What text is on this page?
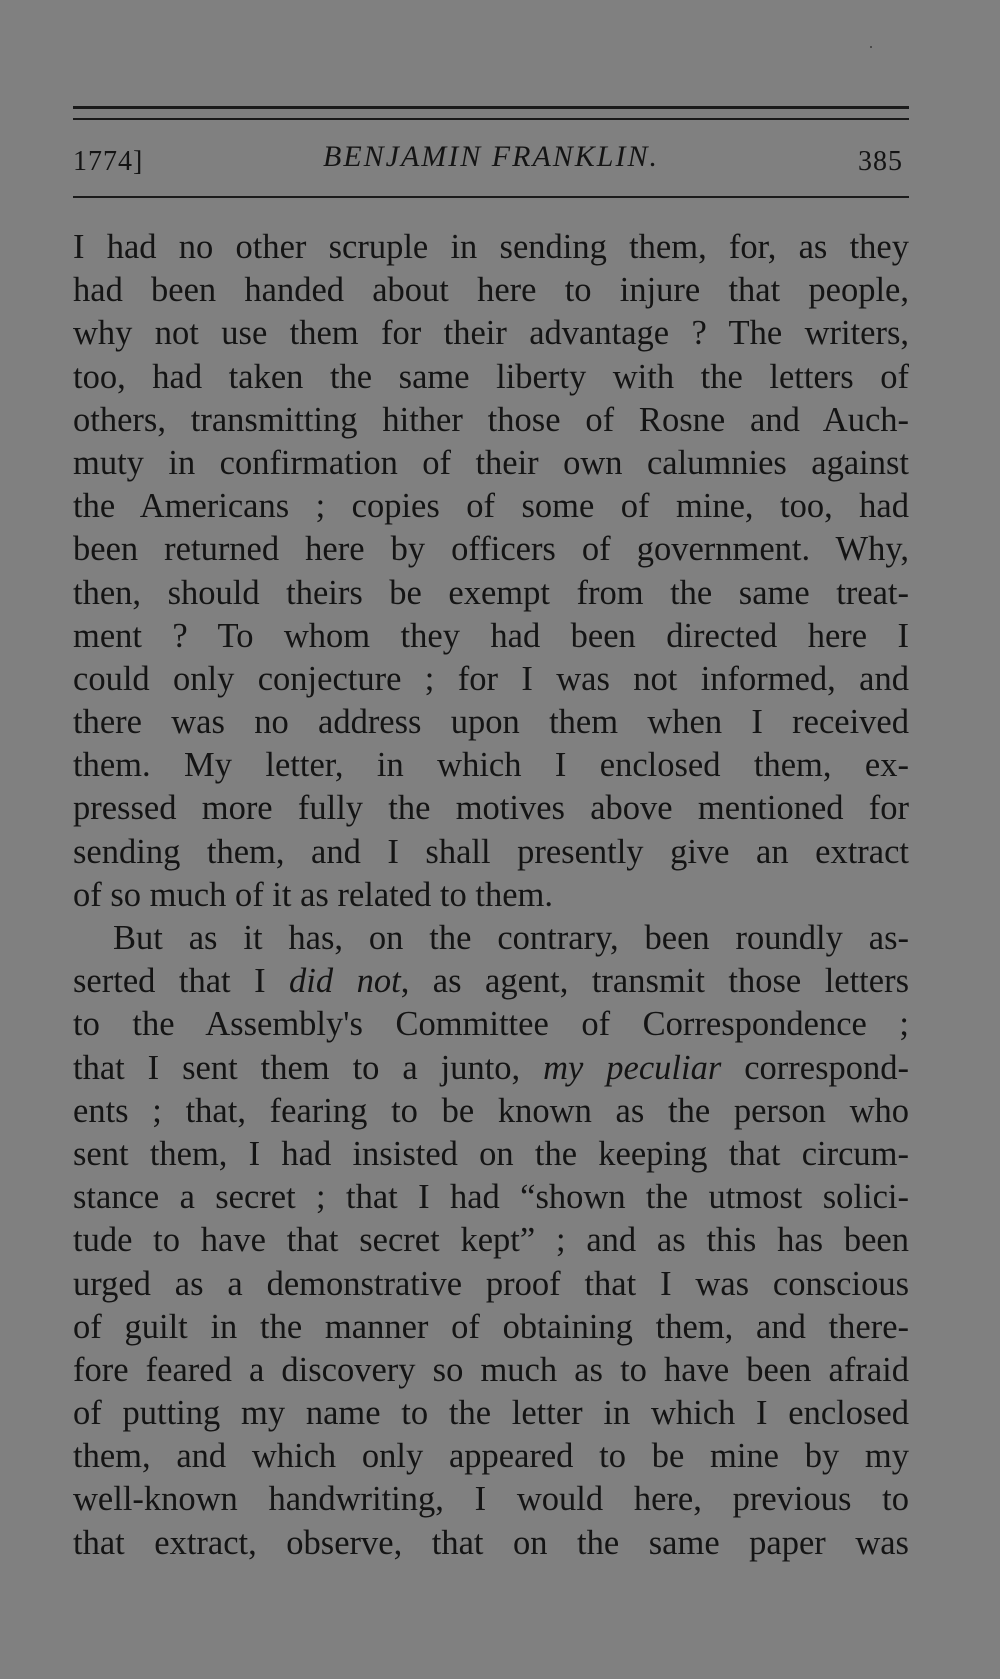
1774]	BENJAMIN FRANKLIN.	385
I had no other scruple in sending them, for, as they
had been handed about here to injure that people,
why not use them for their advantage ? The writers,
too, had taken the same liberty with the letters of
others, transmitting hither those of Rosne and Auch-
muty in confirmation of their own calumnies against
the Americans ; copies of some of mine, too, had
been returned here by officers of government. Why,
then, should theirs be exempt from the same treat-
ment ? To whom they had been directed here I
could only conjecture ; for I was not informed, and
there was no address upon them when I received
them. My letter, in which I enclosed them, ex-
pressed more fully the motives above mentioned for
sending them, and I shall presently give an extract
of so much of it as related to them.
But as it has, on the contrary, been roundly as-
serted that I did not, as agent, transmit those letters
to the Assembly's Committee of Correspondence ;
that I sent them to a junto, my peculiar correspond-
ents ; that, fearing to be known as the person who
sent them, I had insisted on the keeping that circum-
stance a secret ; that I had “shown the utmost solici-
tude to have that secret kept” ; and as this has been
urged as a demonstrative proof that I was conscious
of guilt in the manner of obtaining them, and there-
fore feared a discovery so much as to have been afraid
of putting my name to the letter in which I enclosed
them, and which only appeared to be mine by my
well-known handwriting, I would here, previous to
that extract, observe, that on the same paper was
